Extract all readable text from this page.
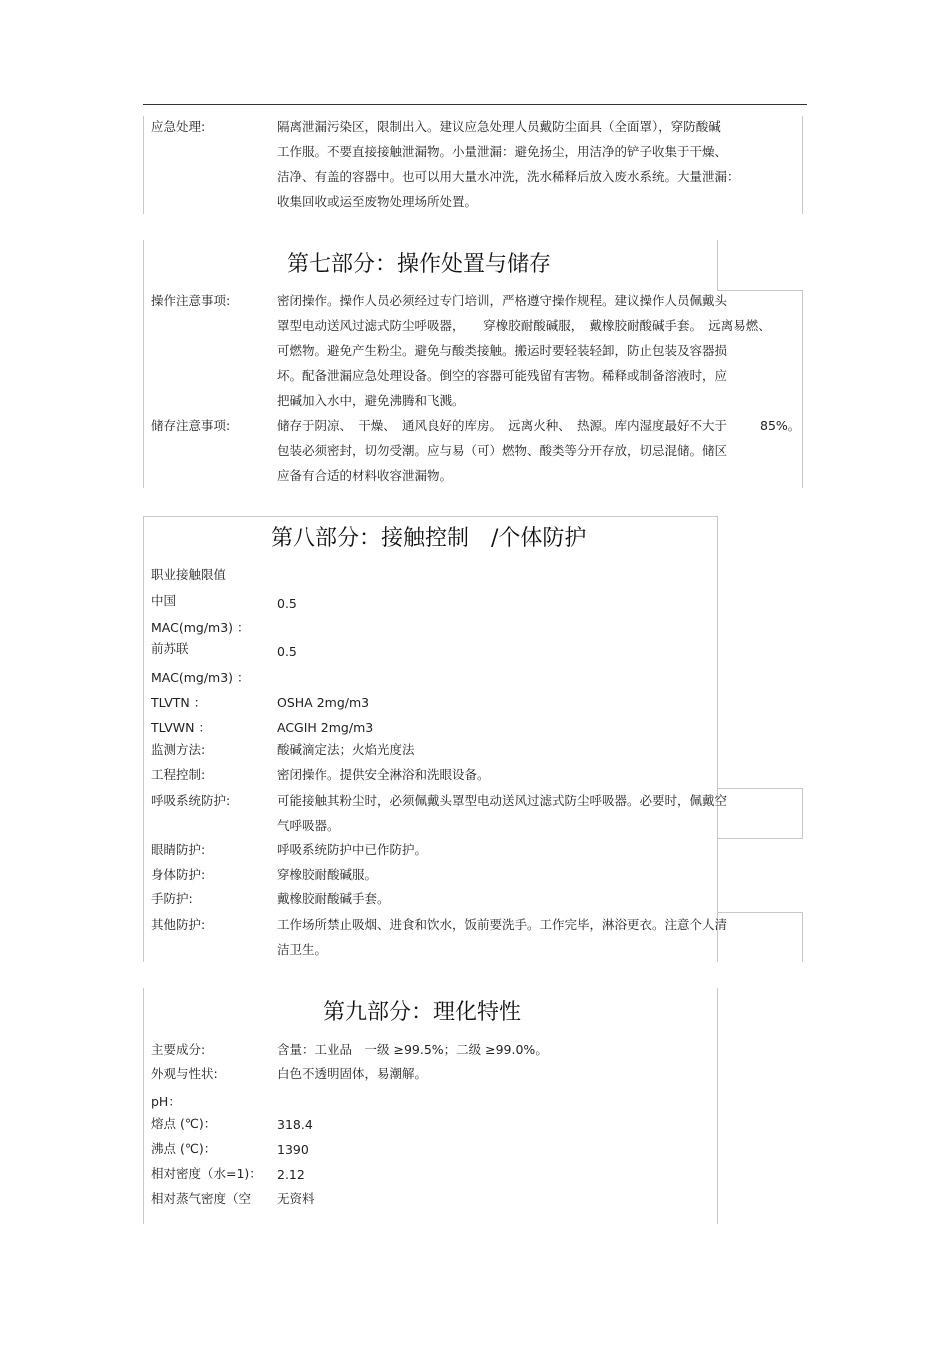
应急处理:	隔离泄漏污染区，限制出入。建议应急处理人员戴防尘面具（全面罩），穿防酸碱
工作服。不要直接接触泄漏物。小量泄漏：避免扬尘，用洁净的铲子收集于干燥、
洁净、有盖的容器中。也可以用大量水冲洗，洗水稀释后放入废水系统。大量泄漏：
收集回收或运至废物处理场所处置。
第七部分：操作处置与储存
操作注意事项:	密闭操作。操作人员必须经过专门培训，严格遵守操作规程。建议操作人员佩戴头
罩型电动送风过滤式防尘呼吸器，　　穿橡胶耐酸碱服，　戴橡胶耐酸碱手套。　远离易燃、
可燃物。避免产生粉尘。避免与酸类接触。搬运时要轻装轻卸，防止包装及容器损
坏。配备泄漏应急处理设备。倒空的容器可能残留有害物。稀释或制备溶液时，应
把碱加入水中，避免沸腾和飞溅。
储存注意事项:	储存于阴凉、　干燥、　通风良好的库房。　远离火种、　热源。库内湿度最好不大于
包装必须密封，切勿受潮。应与易（可）燃物、酸类等分开存放，切忌混储。储区
应备有合适的材料收容泄漏物。
85%。
第八部分：接触控制　/个体防护
职业接触限值
中国	0.5
MAC(mg/m3) ：
前苏联	0.5
MAC(mg/m3) ：
TLVTN ：	OSHA 2mg/m3
TLVWN ：	ACGIH 2mg/m3
监测方法:	酸碱滴定法；火焰光度法
工程控制:	密闭操作。提供安全淋浴和洗眼设备。
呼吸系统防护:	可能接触其粉尘时，必须佩戴头罩型电动送风过滤式防尘呼吸器。必要时，佩戴空
气呼吸器。
眼睛防护:	呼吸系统防护中已作防护。
身体防护:	穿橡胶耐酸碱服。
手防护:	戴橡胶耐酸碱手套。
其他防护:	工作场所禁止吸烟、进食和饮水，饭前要洗手。工作完毕，淋浴更衣。注意个人清
洁卫生。
第九部分：理化特性
主要成分:	含量：工业品　一级 ≥99.5%；二级 ≥99.0%。
外观与性状:	白色不透明固体，易潮解。
pH：
熔点 (℃)：	318.4
沸点 (℃)：	1390
相对密度（水=1)： 2.12
相对蒸气密度（空 无资料
